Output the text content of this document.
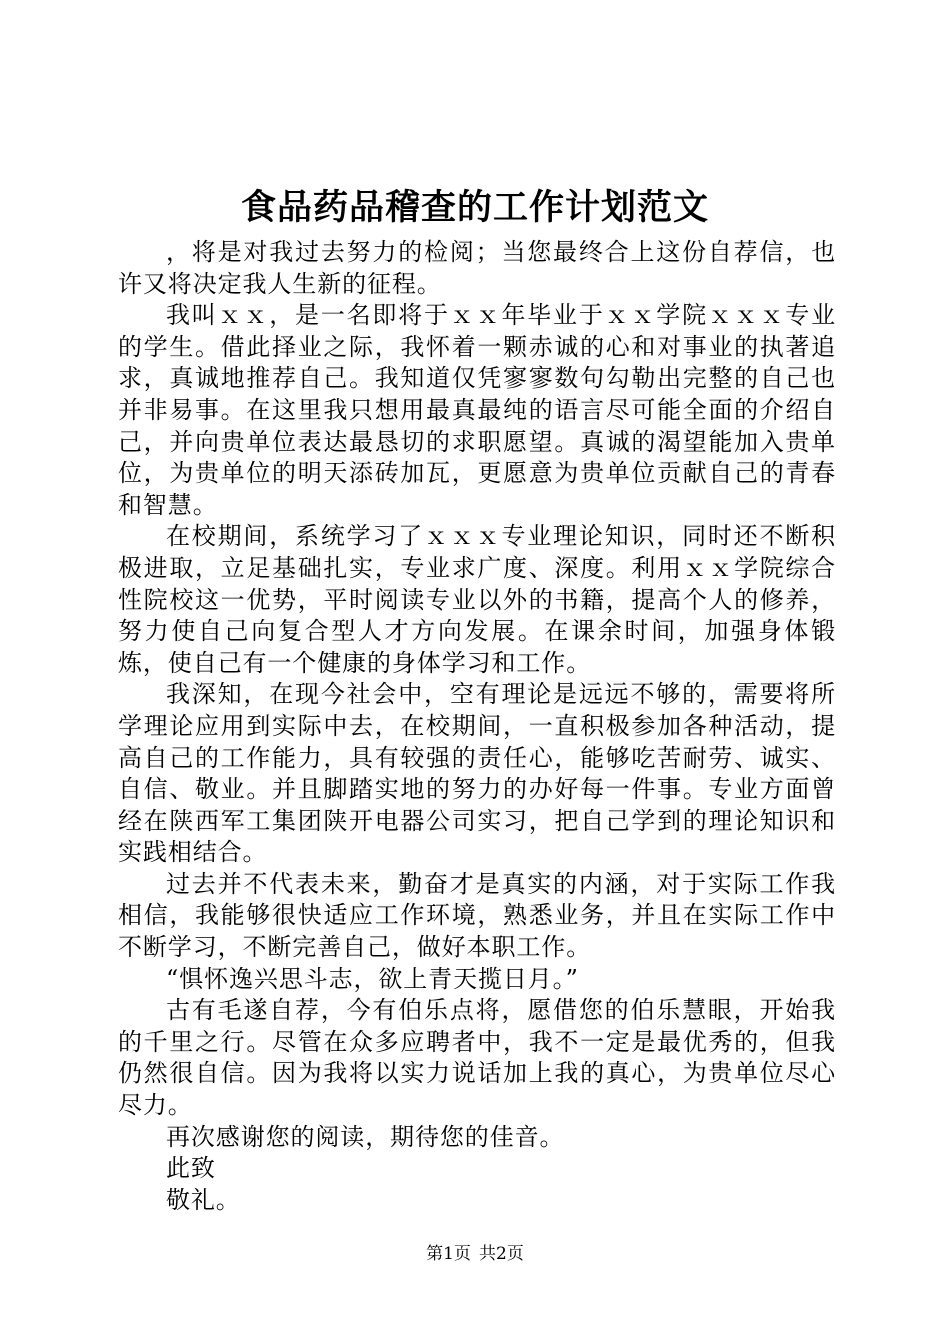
食品药品稽查的工作计划范文

，将是对我过去努力的检阅；当您最终合上这份自荐信，也许又将决定我人生新的征程。

我叫ｘｘ，是一名即将于ｘｘ年毕业于ｘｘ学院ｘｘｘ专业的学生。借此择业之际，我怀着一颗赤诚的心和对事业的执著追求，真诚地推荐自己。我知道仅凭寥寥数句勾勒出完整的自己也并非易事。在这里我只想用最真最纯的语言尽可能全面的介绍自己，并向贵单位表达最恳切的求职愿望。真诚的渴望能加入贵单位，为贵单位的明天添砖加瓦，更愿意为贵单位贡献自己的青春和智慧。

在校期间，系统学习了ｘｘｘ专业理论知识，同时还不断积极进取，立足基础扎实，专业求广度、深度。利用ｘｘ学院综合性院校这一优势，平时阅读专业以外的书籍，提高个人的修养，努力使自己向复合型人才方向发展。在课余时间，加强身体锻炼，使自己有一个健康的身体学习和工作。

我深知，在现今社会中，空有理论是远远不够的，需要将所学理论应用到实际中去，在校期间，一直积极参加各种活动，提高自己的工作能力，具有较强的责任心，能够吃苦耐劳、诚实、自信、敬业。并且脚踏实地的努力的办好每一件事。专业方面曾经在陕西军工集团陕开电器公司实习，把自己学到的理论知识和实践相结合。

过去并不代表未来，勤奋才是真实的内涵，对于实际工作我相信，我能够很快适应工作环境，熟悉业务，并且在实际工作中不断学习，不断完善自己，做好本职工作。

“惧怀逸兴思斗志，欲上青天揽日月。”

古有毛遂自荐，今有伯乐点将，愿借您的伯乐慧眼，开始我的千里之行。尽管在众多应聘者中，我不一定是最优秀的，但我仍然很自信。因为我将以实力说话加上我的真心，为贵单位尽心尽力。

再次感谢您的阅读，期待您的佳音。

此致

敬礼。

第1页 共2页
